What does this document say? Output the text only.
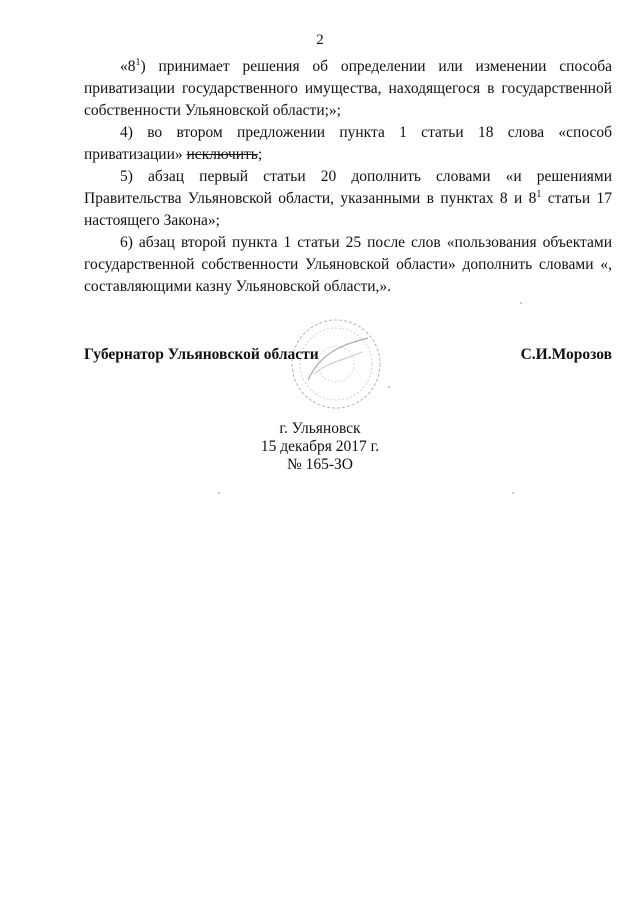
2

«$8^1$) принимает решения об определении или изменении способа приватизации государственного имущества, находящегося в государственной собственности Ульяновской области;»;

4) во втором предложении пункта 1 статьи 18 слова «способ приватизации» исключить;

5) абзац первый статьи 20 дополнить словами «и решениями Правительства Ульяновской области, указанными в пунктах 8 и $8^1$ статьи 17 настоящего Закона»;

6) абзац второй пункта 1 статьи 25 после слов «пользования объектами государственной собственности Ульяновской области» дополнить словами «, составляющими казну Ульяновской области,».

Губернатор Ульяновской области	С.И.Морозов
г. Ульяновск
15 декабря 2017 г.
№ 165-ЗО
